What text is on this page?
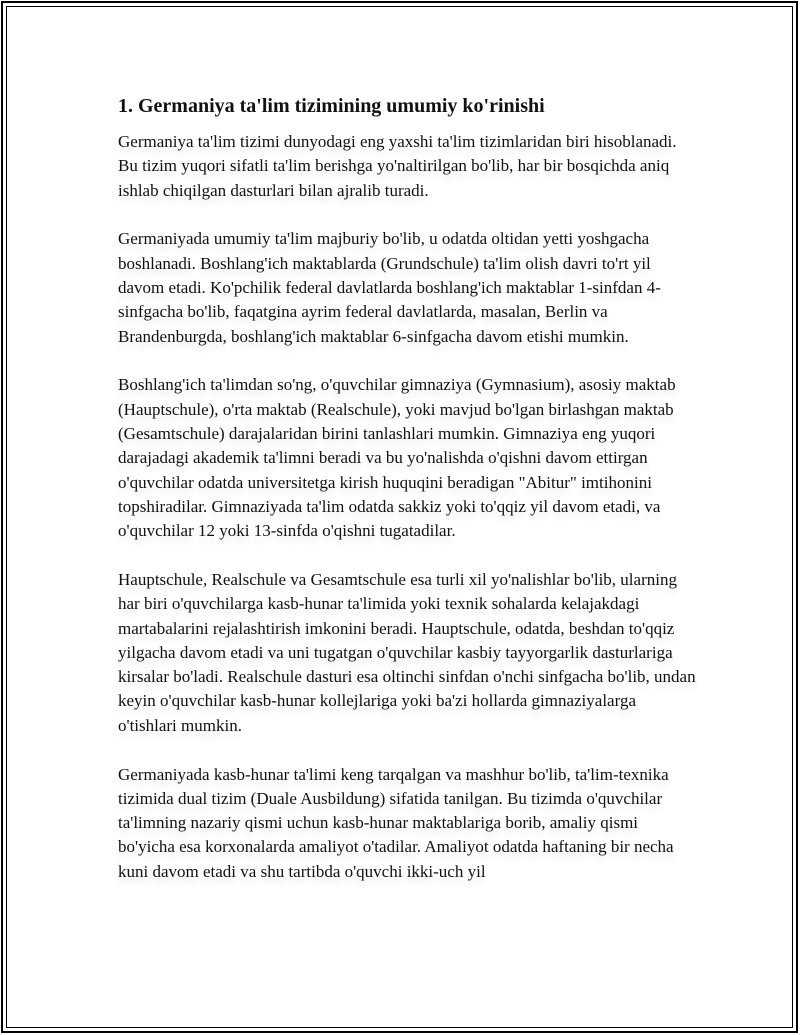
1. Germaniya ta'lim tizimining umumiy ko'rinishi

Germaniya ta'lim tizimi dunyodagi eng yaxshi ta'lim tizimlaridan biri hisoblanadi. Bu tizim yuqori sifatli ta'lim berishga yo'naltirilgan bo'lib, har bir bosqichda aniq ishlab chiqilgan dasturlari bilan ajralib turadi.

Germaniyada umumiy ta'lim majburiy bo'lib, u odatda oltidan yetti yoshgacha boshlanadi. Boshlang'ich maktablarda (Grundschule) ta'lim olish davri to'rt yil davom etadi. Ko'pchilik federal davlatlarda boshlang'ich maktablar 1-sinfdan 4-sinfgacha bo'lib, faqatgina ayrim federal davlatlarda, masalan, Berlin va Brandenburgda, boshlang'ich maktablar 6-sinfgacha davom etishi mumkin.

Boshlang'ich ta'limdan so'ng, o'quvchilar gimnaziya (Gymnasium), asosiy maktab (Hauptschule), o'rta maktab (Realschule), yoki mavjud bo'lgan birlashgan maktab (Gesamtschule) darajalaridan birini tanlashlari mumkin. Gimnaziya eng yuqori darajadagi akademik ta'limni beradi va bu yo'nalishda o'qishni davom ettirgan o'quvchilar odatda universitetga kirish huquqini beradigan "Abitur" imtihonini topshiradilar. Gimnaziyada ta'lim odatda sakkiz yoki to'qqiz yil davom etadi, va o'quvchilar 12 yoki 13-sinfda o'qishni tugatadilar.

Hauptschule, Realschule va Gesamtschule esa turli xil yo'nalishlar bo'lib, ularning har biri o'quvchilarga kasb-hunar ta'limida yoki texnik sohalarda kelajakdagi martabalarini rejalashtirish imkonini beradi. Hauptschule, odatda, beshdan to'qqiz yilgacha davom etadi va uni tugatgan o'quvchilar kasbiy tayyorgarlik dasturlariga kirsalar bo'ladi. Realschule dasturi esa oltinchi sinfdan o'nchi sinfgacha bo'lib, undan keyin o'quvchilar kasb-hunar kollejlariga yoki ba'zi hollarda gimnaziyalarga o'tishlari mumkin.

Germaniyada kasb-hunar ta'limi keng tarqalgan va mashhur bo'lib, ta'lim-texnika tizimida dual tizim (Duale Ausbildung) sifatida tanilgan. Bu tizimda o'quvchilar ta'limning nazariy qismi uchun kasb-hunar maktablariga borib, amaliy qismi bo'yicha esa korxonalarda amaliyot o'tadilar. Amaliyot odatda haftaning bir necha kuni davom etadi va shu tartibda o'quvchi ikki-uch yil
